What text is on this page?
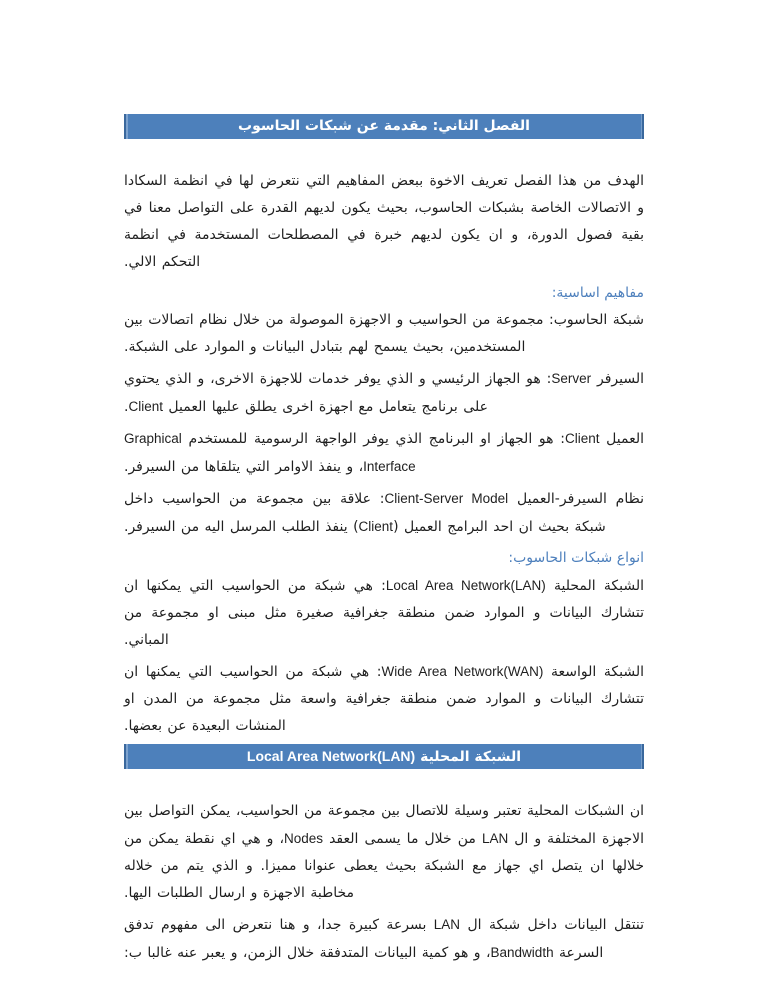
الفصل الثاني: مقدمة عن شبكات الحاسوب

الهدف من هذا الفصل تعريف الاخوة ببعض المفاهيم التي نتعرض لها في انظمة السكادا و الاتصالات الخاصة بشبكات الحاسوب، بحيث يكون لديهم القدرة على التواصل معنا في بقية فصول الدورة، و ان يكون لديهم خبرة في المصطلحات المستخدمة في انظمة التحكم الالي.

مفاهيم اساسية:

شبكة الحاسوب: مجموعة من الحواسيب و الاجهزة الموصولة من خلال نظام اتصالات بين المستخدمين، بحيث يسمح لهم بتبادل البيانات و الموارد على الشبكة.

السيرفر Server: هو الجهاز الرئيسي و الذي يوفر خدمات للاجهزة الاخرى، و الذي يحتوي على برنامج يتعامل مع اجهزة اخرى يطلق عليها العميل Client.

العميل Client: هو الجهاز او البرنامج الذي يوفر الواجهة الرسومية للمستخدم Graphical Interface، و ينفذ الاوامر التي يتلقاها من السيرفر.

نظام السيرفر-العميل Client-Server Model: علاقة بين مجموعة من الحواسيب داخل شبكة بحيث ان احد البرامج العميل (Client) ينفذ الطلب المرسل اليه من السيرفر.

انواع شبكات الحاسوب:

الشبكة المحلية Local Area Network(LAN): هي شبكة من الحواسيب التي يمكنها ان تتشارك البيانات و الموارد ضمن منطقة جغرافية صغيرة مثل مبنى او مجموعة من المباني.

الشبكة الواسعة Wide Area Network(WAN): هي شبكة من الحواسيب التي يمكنها ان تتشارك البيانات و الموارد ضمن منطقة جغرافية واسعة مثل مجموعة من المدن او المنشات البعيدة عن بعضها.

الشبكة المحلية Local Area Network(LAN)

ان الشبكات المحلية تعتبر وسيلة للاتصال بين مجموعة من الحواسيب، يمكن التواصل بين الاجهزة المختلفة و ال LAN من خلال ما يسمى العقد Nodes، و هي اي نقطة يمكن من خلالها ان يتصل اي جهاز مع الشبكة بحيث يعطى عنوانا مميزا. و الذي يتم من خلاله مخاطبة الاجهزة و ارسال الطلبات اليها.

تنتقل البيانات داخل شبكة ال LAN بسرعة كبيرة جدا، و هنا نتعرض الى مفهوم تدفق السرعة Bandwidth، و هو كمية البيانات المتدفقة خلال الزمن، و يعبر عنه غالبا ب:
